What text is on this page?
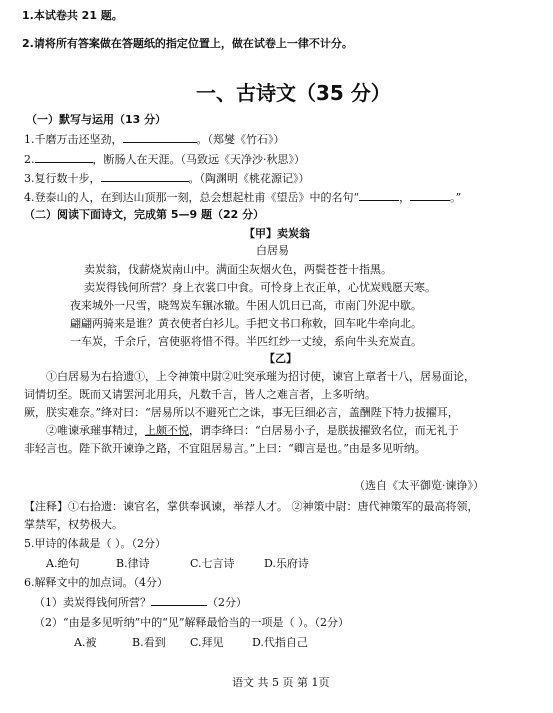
1.本试卷共 21 题。
2.请将所有答案做在答题纸的指定位置上，做在试卷上一律不计分。
一、古诗文（35 分）
（一）默写与运用（13 分）
1.千磨万击还坚劲，	。（郑燮《竹石》）
2.	，断肠人在天涯。（马致远《天净沙·秋思》）
3.复行数十步，	。（陶渊明《桃花源记》）
4.登泰山的人，在到达山顶那一刻，总会想起杜甫《望岳》中的名句“	，	。”
（二）阅读下面诗文，完成第 5—9 题（22 分）
【甲】卖炭翁
白居易
卖炭翁，伐薪烧炭南山中。满面尘灰烟火色，两鬓苍苍十指黑。
卖炭得钱何所营？身上衣裳口中食。可怜身上衣正单，心忧炭贱愿天寒。
夜来城外一尺雪，晓驾炭车辗冰辙。牛困人饥日已高，市南门外泥中歇。
翩翩两骑来是谁？黄衣使者白衫儿。手把文书口称敕，回车叱牛牵向北。
一车炭，千余斤，宫使驱将惜不得。半匹红纱一丈绫，系向牛头充炭直。
【乙】
①白居易为右拾遗①，上令神策中尉②吐突承璀为招讨使，谏官上章者十八，居易面论，
词情切至。既而又请罢河北用兵，凡数千言，皆人之难言者，上多听纳。
厥，朕实难奈。”绛对曰：“居易所以不避死亡之诛，事无巨细必言，盖酬陛下特力拔擢耳，
②唯谏承璀事精过，上颇不悦，谓李绛曰：“白居易小子，是朕拔擢致名位，而无礼于
非轻言也。陛下欲开谏诤之路，不宜阻居易言。”上曰：“卿言是也。”由是多见听纳。
（选自《太平御览·谏诤》）
【注释】①右拾遗：谏官名，掌供奉讽谏，举荐人才。 ②神策中尉：唐代神策军的最高将领，
掌禁军，权势极大。
5.甲诗的体裁是（ ）。（2分）
A.绝句	B.律诗	C.七言诗	D.乐府诗
6.解释文中的加点词。（4分）
（1）卖炭得钱何所营？	（2分）
（2）“由是多见听纳”中的“见”解释最恰当的一项是（ ）。（2分）
A.被	B.看到 C.拜见	D.代指自己
语文 共 5 页 第 1页
